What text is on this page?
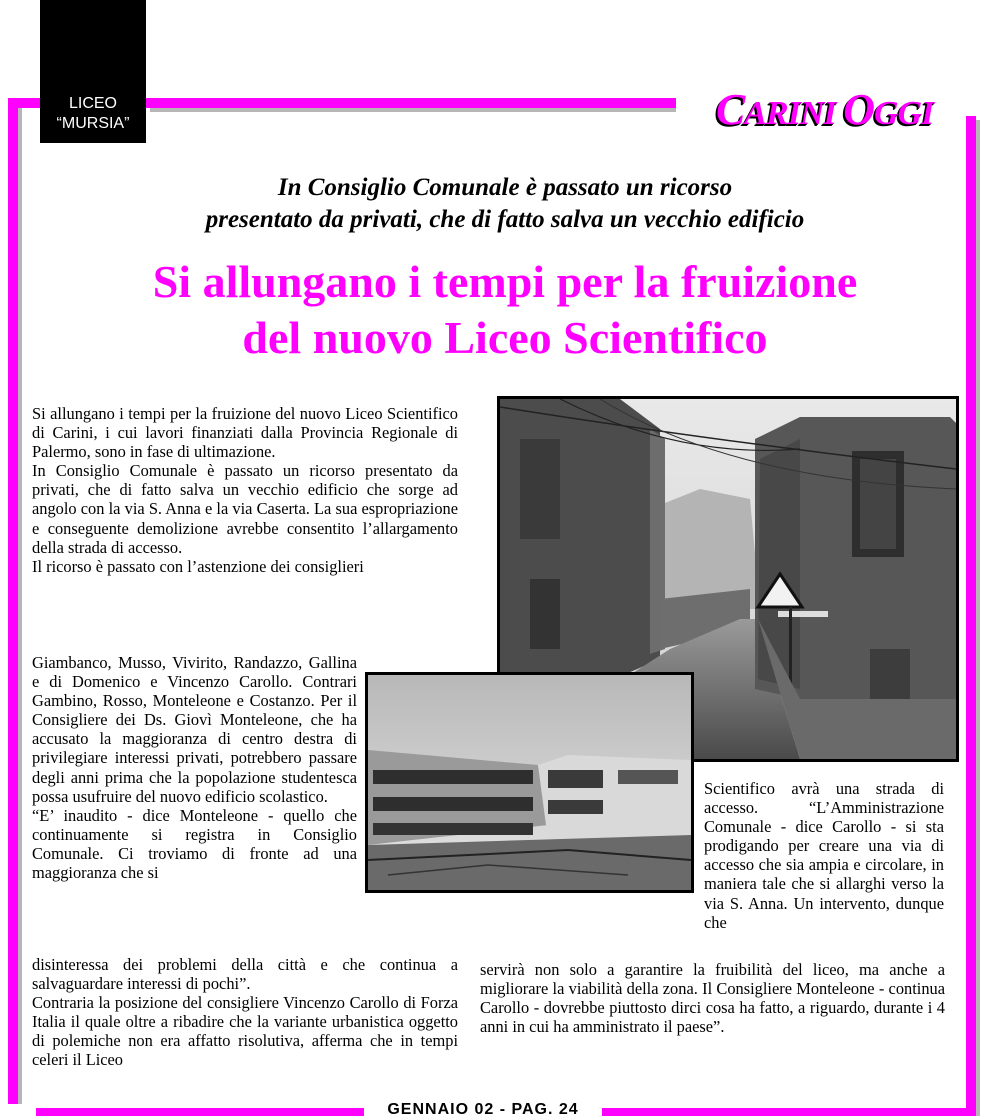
LICEO
“MURSIA”	CARINI OGGI
In Consiglio Comunale è passato un ricorso
presentato da privati, che di fatto salva un vecchio edificio
Si allungano i tempi per la fruizione
del nuovo Liceo Scientifico

Si allungano i tempi per la fruizione del nuovo Liceo Scientifico di Carini, i cui lavori finanziati dalla Provincia Regionale di Palermo, sono in fase di ultimazione.

In Consiglio Comunale è passato un ricorso presentato da privati, che di fatto salva un vecchio edificio che sorge ad angolo con la via S. Anna e la via Caserta. La sua espropriazione e conseguente demolizione avrebbe consentito l’allargamento della strada di accesso.

Il ricorso è passato con l’astenzione dei consiglieri

Giambanco, Musso, Vivirito, Randazzo, Gallina e di Domenico e Vincenzo Carollo. Contrari Gambino, Rosso, Monteleone e Costanzo. Per il Consigliere dei Ds. Giovì Monteleone, che ha accusato la maggioranza di centro destra di privilegiare interessi privati, potrebbero passare degli anni prima che la popolazione studentesca possa usufruire del nuovo edificio scolastico.

“E’ inaudito - dice Monteleone - quello che continuamente si registra in Consiglio Comunale. Ci troviamo di fronte ad una maggioranza che si

disinteressa dei problemi della città e che continua a salvaguardare interessi di pochi”.

Contraria la posizione del consigliere Vincenzo Carollo di Forza Italia il quale oltre a ribadire che la variante urbanistica oggetto di polemiche non era affatto risolutiva, afferma che in tempi celeri il Liceo

Scientifico avrà una strada di accesso. “L’Amministrazione Comunale - dice Carollo - si sta prodigando per creare una via di accesso che sia ampia e circolare, in maniera tale che si allarghi verso la via S. Anna. Un intervento, dunque che

servirà non solo a garantire la fruibilità del liceo, ma anche a migliorare la viabilità della zona. Il Consigliere Monteleone - continua Carollo - dovrebbe piuttosto dirci cosa ha fatto, a riguardo, durante i 4 anni in cui ha amministrato il paese”.

GENNAIO 02 - PAG. 24
